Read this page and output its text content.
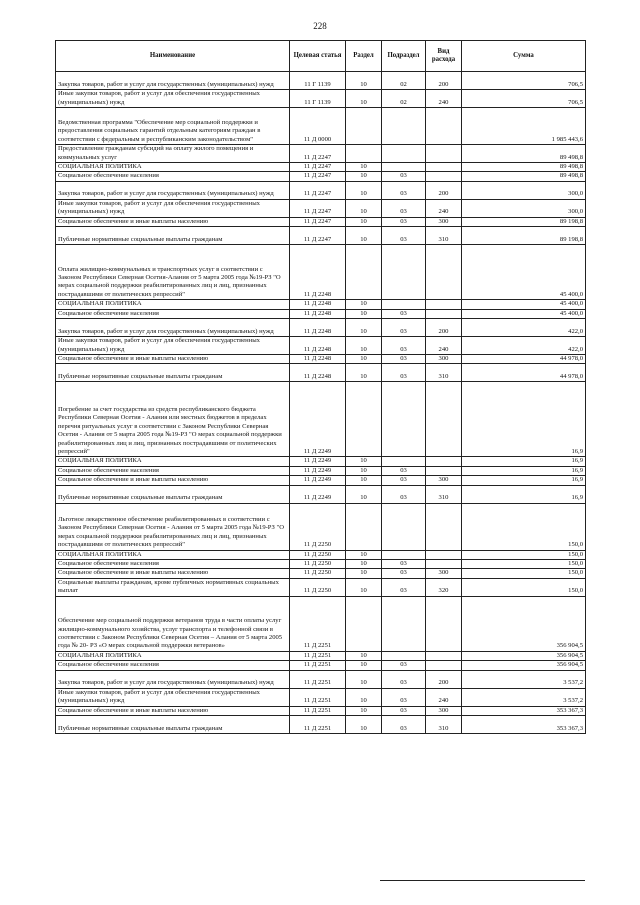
228
Наименование	Целевая статья	Раздел	Подраздел	Вид расхода	Сумма
Закупка товаров, работ и услуг для государственных (муниципальных) нужд	11 Г 1139	10	02	200	706,5
Иные закупки товаров, работ и услуг для обеспечения государственных (муниципальных) нужд	11 Г 1139	10	02	240	706,5
Ведомственная программа "Обеспечение мер социальной поддержки и предоставления социальных гарантий отдельным категориям граждан в соответствии с федеральным и республиканским законодательством"	11 Д 0000				1 985 443,6
Предоставление гражданам субсидий на оплату жилого помещения и коммунальных услуг	11 Д 2247				89 498,8
СОЦИАЛЬНАЯ ПОЛИТИКА	11 Д 2247	10			89 498,8
Социальное обеспечение населения	11 Д 2247	10	03		89 498,8
Закупка товаров, работ и услуг для государственных (муниципальных) нужд	11 Д 2247	10	03	200	300,0
Иные закупки товаров, работ и услуг для обеспечения государственных (муниципальных) нужд	11 Д 2247	10	03	240	300,0
Социальное обеспечение и иные выплаты населению	11 Д 2247	10	03	300	89 198,8
Публичные нормативные социальные выплаты гражданам	11 Д 2247	10	03	310	89 198,8
Оплата жилищно-коммунальных и транспортных услуг в соответствии с Законом Республики Северная Осетия-Алания от 5 марта 2005 года №19-РЗ "О мерах социальной поддержки реабилитированных лиц и лиц, признанных пострадавшими от политических репрессий"	11 Д 2248				45 400,0
СОЦИАЛЬНАЯ ПОЛИТИКА	11 Д 2248	10			45 400,0
Социальное обеспечение населения	11 Д 2248	10	03		45 400,0
Закупка товаров, работ и услуг для государственных (муниципальных) нужд	11 Д 2248	10	03	200	422,0
Иные закупки товаров, работ и услуг для обеспечения государственных (муниципальных) нужд	11 Д 2248	10	03	240	422,0
Социальное обеспечение и иные выплаты населению	11 Д 2248	10	03	300	44 978,0
Публичные нормативные социальные выплаты гражданам	11 Д 2248	10	03	310	44 978,0
Погребение за счет государства из средств республиканского бюджета Республики Северная Осетия - Алания или местных бюджетов в пределах перечня ритуальных услуг в соответствии с Законом Республики Северная Осетия - Алания от 5 марта 2005 года №19-РЗ "О мерах социальной поддержки реабилитированных лиц и лиц, признанных пострадавшими от политических репрессий"	11 Д 2249				16,9
СОЦИАЛЬНАЯ ПОЛИТИКА	11 Д 2249	10			16,9
Социальное обеспечение населения	11 Д 2249	10	03		16,9
Социальное обеспечение и иные выплаты населению	11 Д 2249	10	03	300	16,9
Публичные нормативные социальные выплаты гражданам	11 Д 2249	10	03	310	16,9
Льготное лекарственное обеспечение реабилитированных в соответствии с Законом Республики Северная Осетия - Алания от 5 марта 2005 года №19-РЗ "О мерах социальной поддержки реабилитированных лиц и лиц, признанных пострадавшими от политических репрессий"	11 Д 2250				150,0
СОЦИАЛЬНАЯ ПОЛИТИКА	11 Д 2250	10			150,0
Социальное обеспечение населения	11 Д 2250	10	03		150,0
Социальное обеспечение и иные выплаты населению	11 Д 2250	10	03	300	150,0
Социальные выплаты гражданам, кроме публичных нормативных социальных выплат	11 Д 2250	10	03	320	150,0
Обеспечение мер социальной поддержки ветеранов труда в части оплаты услуг жилищно-коммунального хозяйства, услуг транспорта и телефонной связи в соответствии с Законом Республики Северная Осетия – Алания от 5 марта 2005 года № 20- РЗ «О мерах социальной поддержки ветеранов»	11 Д 2251				356 904,5
СОЦИАЛЬНАЯ ПОЛИТИКА	11 Д 2251	10			356 904,5
Социальное обеспечение населения	11 Д 2251	10	03		356 904,5
Закупка товаров, работ и услуг для государственных (муниципальных) нужд	11 Д 2251	10	03	200	3 537,2
Иные закупки товаров, работ и услуг для обеспечения государственных (муниципальных) нужд	11 Д 2251	10	03	240	3 537,2
Социальное обеспечение и иные выплаты населению	11 Д 2251	10	03	300	353 367,3
Публичные нормативные социальные выплаты гражданам	11 Д 2251	10	03	310	353 367,3
